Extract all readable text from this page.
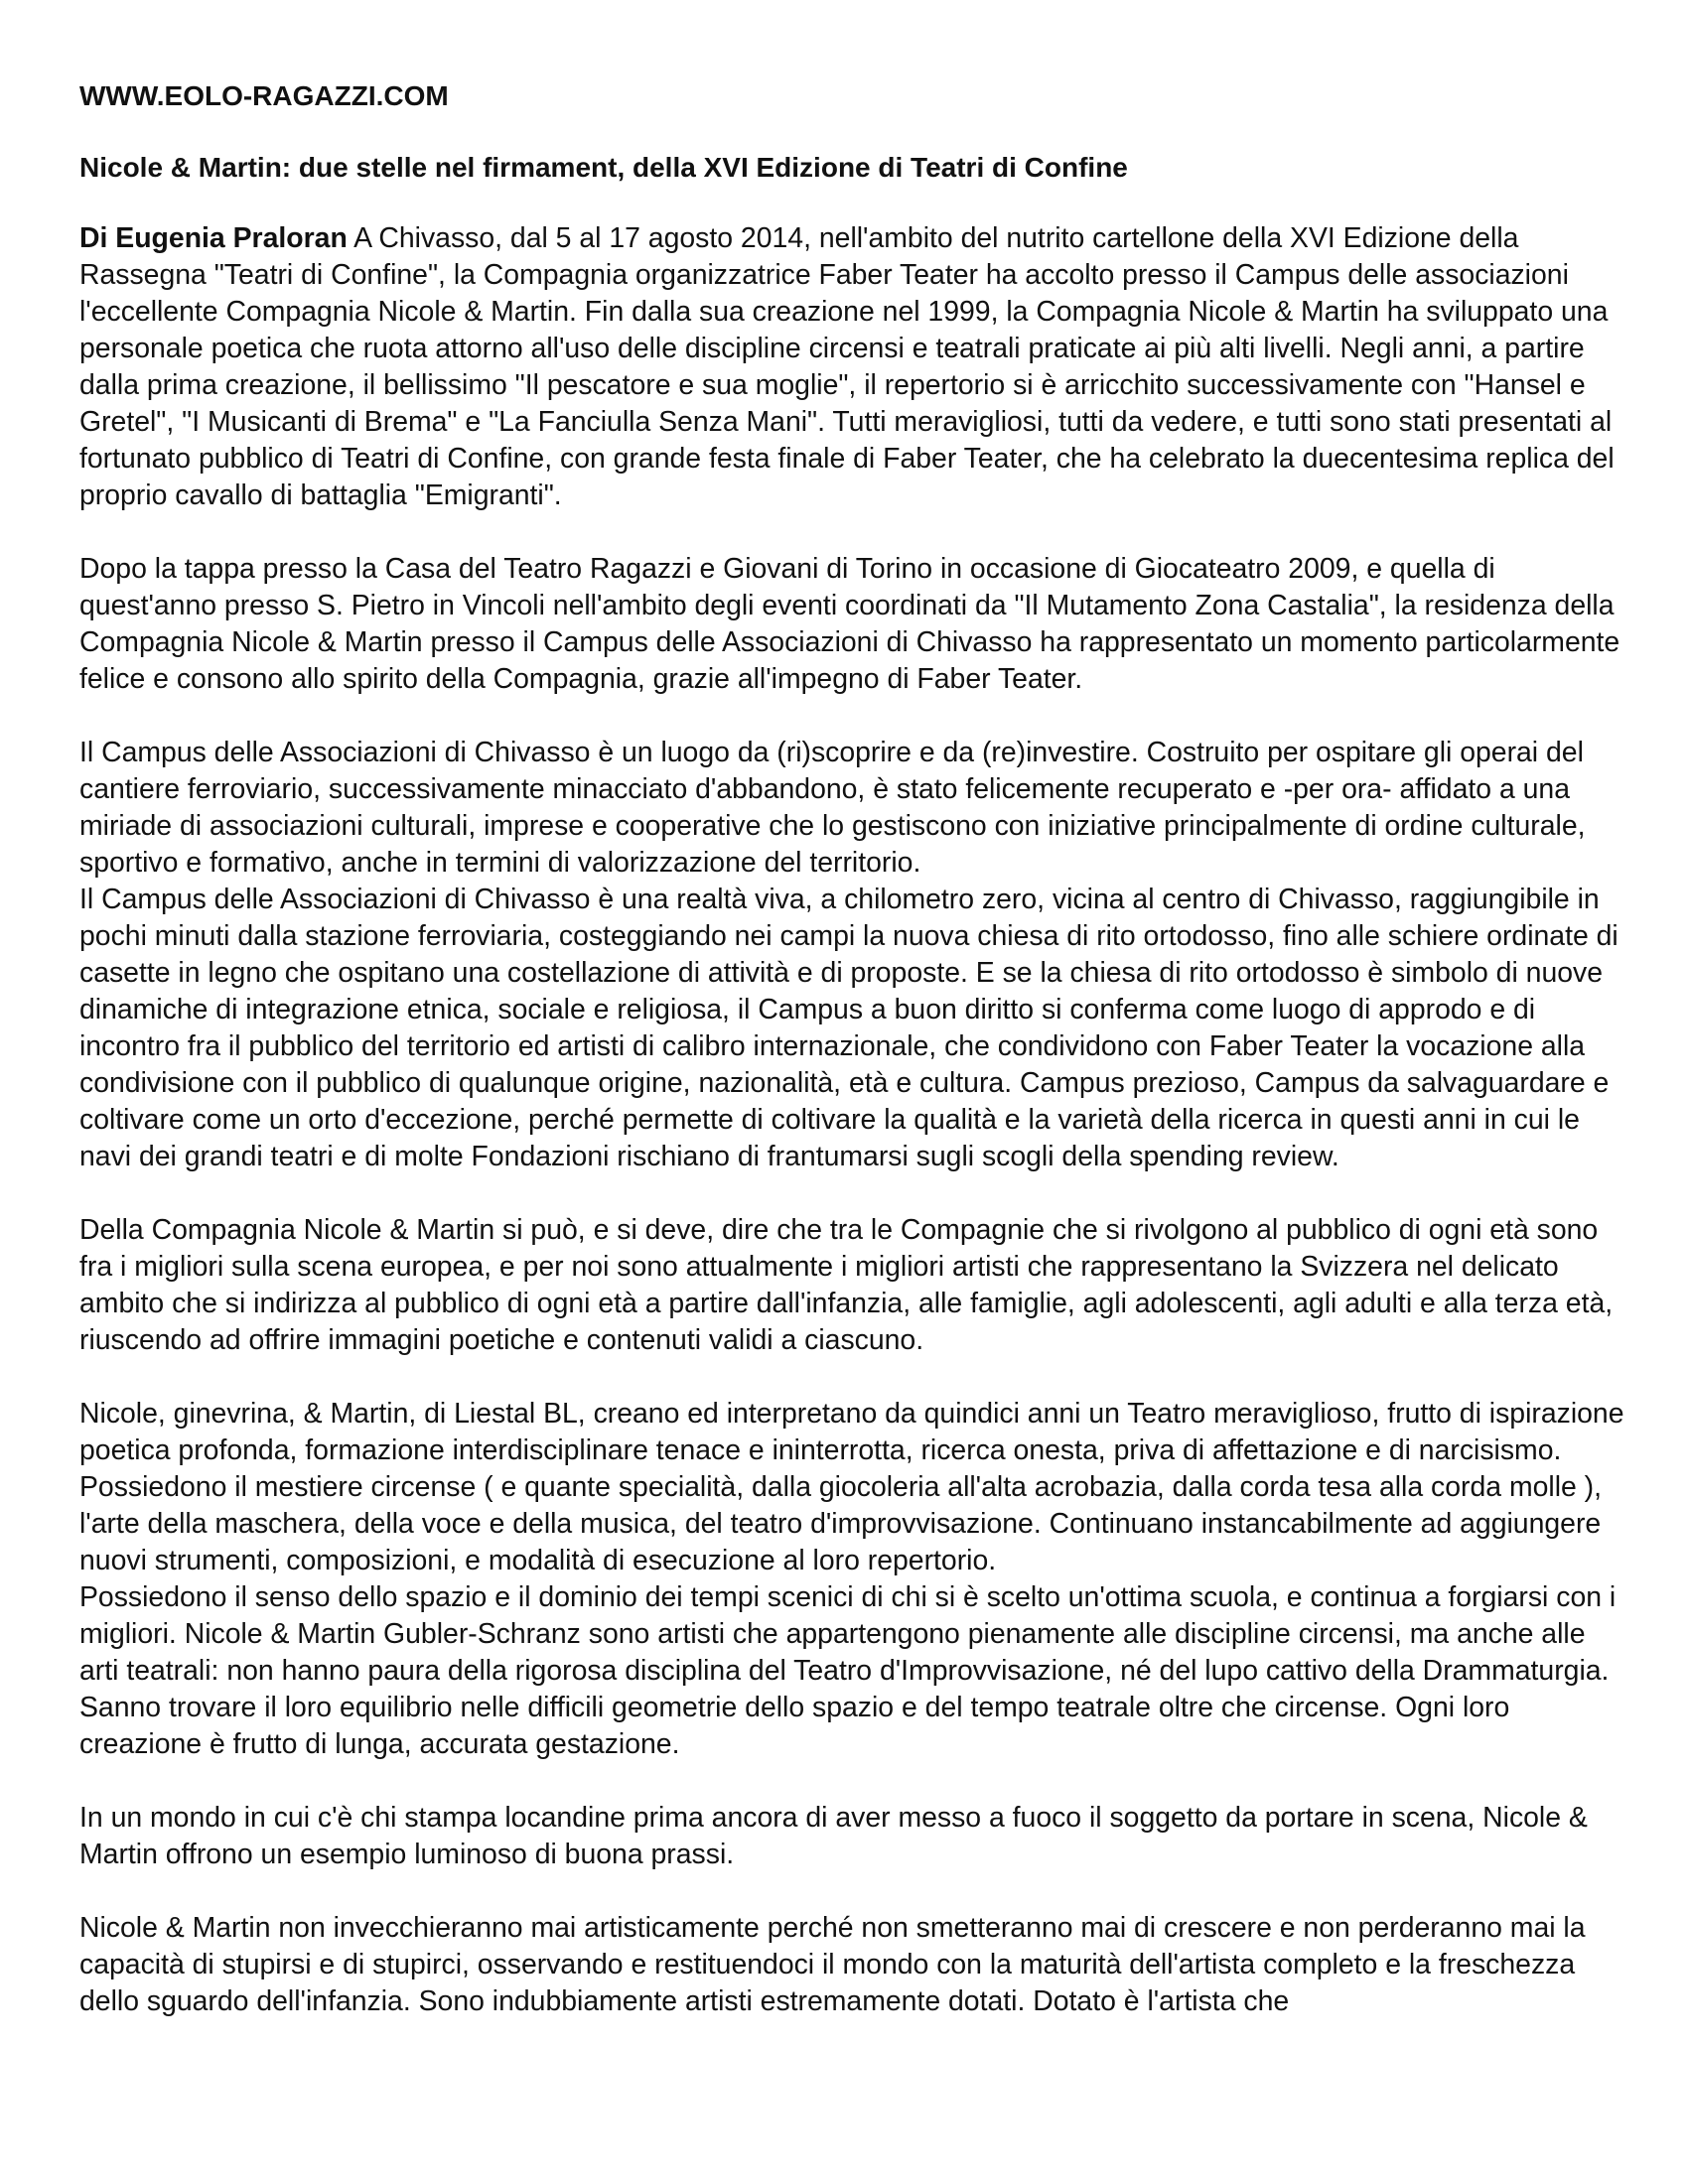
WWW.EOLO-RAGAZZI.COM
Nicole & Martin: due stelle nel firmament, della XVI Edizione di Teatri di Confine

Di Eugenia Praloran A Chivasso, dal 5 al 17 agosto 2014, nell'ambito del nutrito cartellone della XVI Edizione della Rassegna "Teatri di Confine", la Compagnia organizzatrice Faber Teater ha accolto presso il Campus delle associazioni l'eccellente Compagnia Nicole & Martin. Fin dalla sua creazione nel 1999, la Compagnia Nicole & Martin ha sviluppato una personale poetica che ruota attorno all'uso delle discipline circensi e teatrali praticate ai più alti livelli. Negli anni, a partire dalla prima creazione, il bellissimo "Il pescatore e sua moglie", il repertorio si è arricchito successivamente con "Hansel e Gretel", "I Musicanti di Brema" e "La Fanciulla Senza Mani". Tutti meravigliosi, tutti da vedere, e tutti sono stati presentati al fortunato pubblico di Teatri di Confine, con grande festa finale di Faber Teater, che ha celebrato la duecentesima replica del proprio cavallo di battaglia "Emigranti".

Dopo la tappa presso la Casa del Teatro Ragazzi e Giovani di Torino in occasione di Giocateatro 2009, e quella di quest'anno presso S. Pietro in Vincoli nell'ambito degli eventi coordinati da "Il Mutamento Zona Castalia", la residenza della Compagnia Nicole & Martin presso il Campus delle Associazioni di Chivasso ha rappresentato un momento particolarmente felice e consono allo spirito della Compagnia, grazie all'impegno di Faber Teater.

Il Campus delle Associazioni di Chivasso è un luogo da (ri)scoprire e da (re)investire. Costruito per ospitare gli operai del cantiere ferroviario, successivamente minacciato d'abbandono, è stato felicemente recuperato e -per ora- affidato a una miriade di associazioni culturali, imprese e cooperative che lo gestiscono con iniziative principalmente di ordine culturale, sportivo e formativo, anche in termini di valorizzazione del territorio.

Il Campus delle Associazioni di Chivasso è una realtà viva, a chilometro zero, vicina al centro di Chivasso, raggiungibile in pochi minuti dalla stazione ferroviaria, costeggiando nei campi la nuova chiesa di rito ortodosso, fino alle schiere ordinate di casette in legno che ospitano una costellazione di attività e di proposte. E se la chiesa di rito ortodosso è simbolo di nuove dinamiche di integrazione etnica, sociale e religiosa, il Campus a buon diritto si conferma come luogo di approdo e di incontro fra il pubblico del territorio ed artisti di calibro internazionale, che condividono con Faber Teater la vocazione alla condivisione con il pubblico di qualunque origine, nazionalità, età e cultura. Campus prezioso, Campus da salvaguardare e coltivare come un orto d'eccezione, perché permette di coltivare la qualità e la varietà della ricerca in questi anni in cui le navi dei grandi teatri e di molte Fondazioni rischiano di frantumarsi sugli scogli della spending review.

Della Compagnia Nicole & Martin si può, e si deve, dire che tra le Compagnie che si rivolgono al pubblico di ogni età sono fra i migliori sulla scena europea, e per noi sono attualmente i migliori artisti che rappresentano la Svizzera nel delicato ambito che si indirizza al pubblico di ogni età a partire dall'infanzia, alle famiglie, agli adolescenti, agli adulti e alla terza età, riuscendo ad offrire immagini poetiche e contenuti validi a ciascuno.

Nicole, ginevrina, & Martin, di Liestal BL, creano ed interpretano da quindici anni un Teatro meraviglioso, frutto di ispirazione poetica profonda, formazione interdisciplinare tenace e ininterrotta, ricerca onesta, priva di affettazione e di narcisismo. Possiedono il mestiere circense ( e quante specialità, dalla giocoleria all'alta acrobazia, dalla corda tesa alla corda molle ), l'arte della maschera, della voce e della musica, del teatro d'improvvisazione. Continuano instancabilmente ad aggiungere nuovi strumenti, composizioni, e modalità di esecuzione al loro repertorio.

Possiedono il senso dello spazio e il dominio dei tempi scenici di chi si è scelto un'ottima scuola, e continua a forgiarsi con i migliori. Nicole & Martin Gubler-Schranz sono artisti che appartengono pienamente alle discipline circensi, ma anche alle arti teatrali: non hanno paura della rigorosa disciplina del Teatro d'Improvvisazione, né del lupo cattivo della Drammaturgia. Sanno trovare il loro equilibrio nelle difficili geometrie dello spazio e del tempo teatrale oltre che circense. Ogni loro creazione è frutto di lunga, accurata gestazione.

In un mondo in cui c'è chi stampa locandine prima ancora di aver messo a fuoco il soggetto da portare in scena, Nicole & Martin offrono un esempio luminoso di buona prassi.

Nicole & Martin non invecchieranno mai artisticamente perché non smetteranno mai di crescere e non perderanno mai la capacità di stupirsi e di stupirci, osservando e restituendoci il mondo con la maturità dell'artista completo e la freschezza dello sguardo dell'infanzia. Sono indubbiamente artisti estremamente dotati. Dotato è l'artista che
